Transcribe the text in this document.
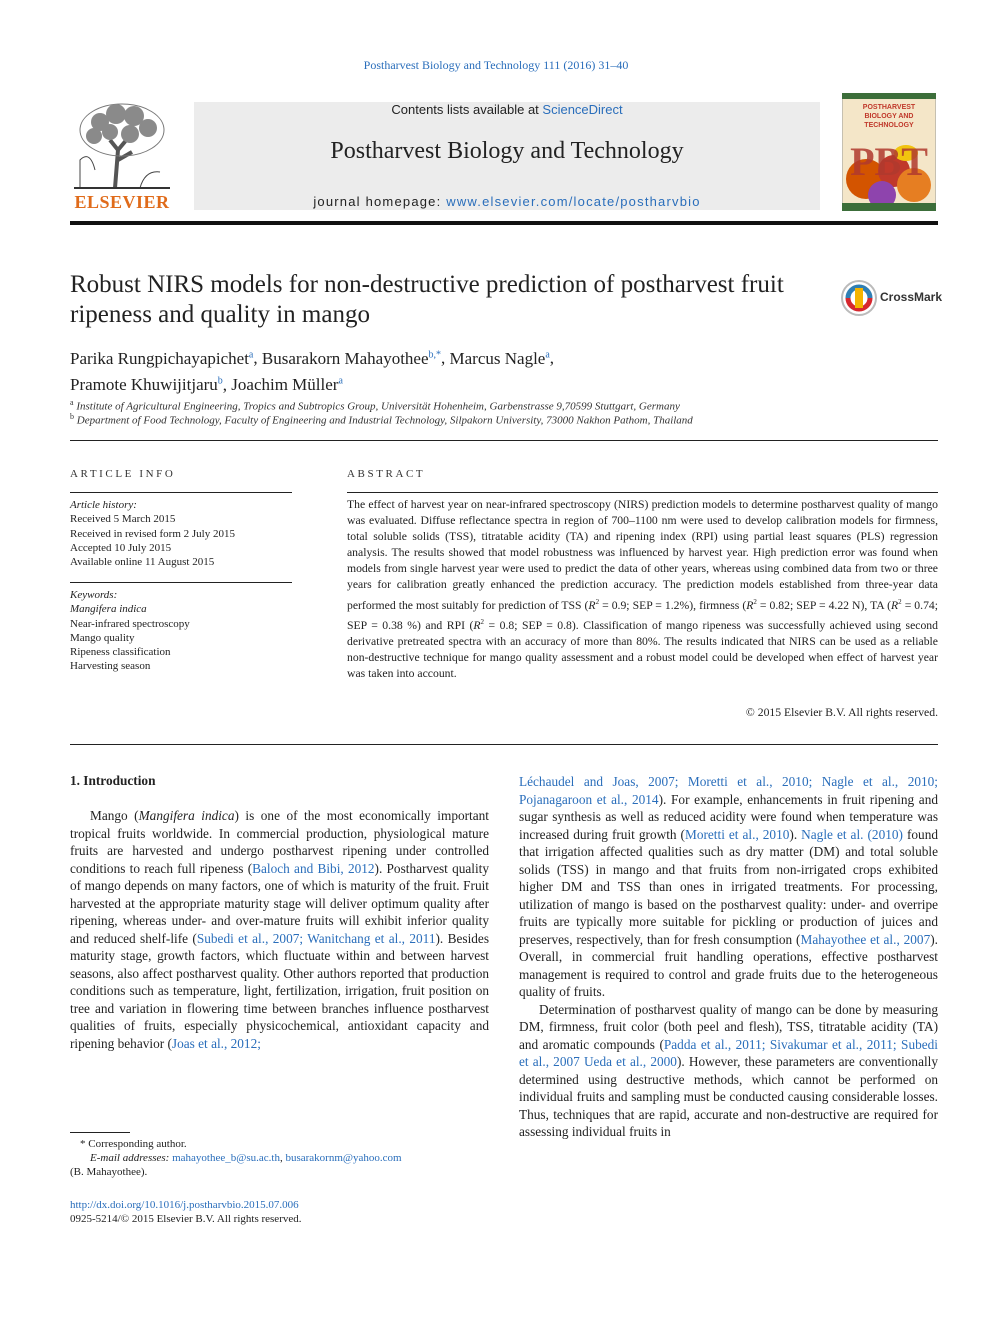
Postharvest Biology and Technology 111 (2016) 31–40
ELSEVIER
Contents lists available at ScienceDirect
Postharvest Biology and Technology
journal homepage: www.elsevier.com/locate/postharvbio
POSTHARVEST
BIOLOGY AND
TECHNOLOGY
PBT
Robust NIRS models for non-destructive prediction of postharvest fruit ripeness and quality in mango
CrossMark
Parika Rungpichayapichet$^a$, Busarakorn Mahayothee$^{b,*}$, Marcus Nagle$^a$,
Pramote Khuwijitjaru$^b$, Joachim Müller$^a$
$^a$ Institute of Agricultural Engineering, Tropics and Subtropics Group, Universität Hohenheim, Garbenstrasse 9,70599 Stuttgart, Germany
$^b$ Department of Food Technology, Faculty of Engineering and Industrial Technology, Silpakorn University, 73000 Nakhon Pathom, Thailand
ARTICLE INFO
Article history:
Received 5 March 2015
Received in revised form 2 July 2015
Accepted 10 July 2015
Available online 11 August 2015
Keywords:
Mangifera indica
Near-infrared spectroscopy
Mango quality
Ripeness classification
Harvesting season
ABSTRACT
The effect of harvest year on near-infrared spectroscopy (NIRS) prediction models to determine postharvest quality of mango was evaluated. Diffuse reflectance spectra in region of 700–1100 nm were used to develop calibration models for firmness, total soluble solids (TSS), titratable acidity (TA) and ripening index (RPI) using partial least squares (PLS) regression analysis. The results showed that model robustness was influenced by harvest year. High prediction error was found when models from single harvest year were used to predict the data of other years, whereas using combined data from two or three years for calibration greatly enhanced the prediction accuracy. The prediction models established from three-year data performed the most suitably for prediction of TSS ($R^2 = 0.9$; SEP = 1.2%), firmness ($R^2 = 0.82$; SEP = 4.22 N), TA ($R^2 = 0.74$; SEP = 0.38 %) and RPI ($R^2 = 0.8$; SEP = 0.8). Classification of mango ripeness was successfully achieved using second derivative pretreated spectra with an accuracy of more than 80%. The results indicated that NIRS can be used as a reliable non-destructive technique for mango quality assessment and a robust model could be developed when effect of harvest year was taken into account.
© 2015 Elsevier B.V. All rights reserved.
1. Introduction

Mango (Mangifera indica) is one of the most economically important tropical fruits worldwide. In commercial production, physiological mature fruits are harvested and undergo postharvest ripening under controlled conditions to reach full ripeness (Baloch and Bibi, 2012). Postharvest quality of mango depends on many factors, one of which is maturity of the fruit. Fruit harvested at the appropriate maturity stage will deliver optimum quality after ripening, whereas under- and over-mature fruits will exhibit inferior quality and reduced shelf-life (Subedi et al., 2007; Wanitchang et al., 2011). Besides maturity stage, growth factors, which fluctuate within and between harvest seasons, also affect postharvest quality. Other authors reported that production conditions such as temperature, light, fertilization, irrigation, fruit position on tree and variation in flowering time between branches influence postharvest qualities of fruits, especially physicochemical, antioxidant capacity and ripening behavior (Joas et al., 2012;

Léchaudel and Joas, 2007; Moretti et al., 2010; Nagle et al., 2010; Pojanagaroon et al., 2014). For example, enhancements in fruit ripening and sugar synthesis as well as reduced acidity were found when temperature was increased during fruit growth (Moretti et al., 2010). Nagle et al. (2010) found that irrigation affected qualities such as dry matter (DM) and total soluble solids (TSS) in mango and that fruits from non-irrigated crops exhibited higher DM and TSS than ones in irrigated treatments. For processing, utilization of mango is based on the postharvest quality: under- and overripe fruits are typically more suitable for pickling or production of juices and preserves, respectively, than for fresh consumption (Mahayothee et al., 2007). Overall, in commercial fruit handling operations, effective postharvest management is required to control and grade fruits due to the heterogeneous quality of fruits.

Determination of postharvest quality of mango can be done by measuring DM, firmness, fruit color (both peel and flesh), TSS, titratable acidity (TA) and aromatic compounds (Padda et al., 2011; Sivakumar et al., 2011; Subedi et al., 2007 Ueda et al., 2000). However, these parameters are conventionally determined using destructive methods, which cannot be performed on individual fruits and sampling must be conducted causing considerable losses. Thus, techniques that are rapid, accurate and non-destructive are required for assessing individual fruits in

* Corresponding author.
E-mail addresses: mahayothee_b@su.ac.th, busarakornm@yahoo.com
(B. Mahayothee).
http://dx.doi.org/10.1016/j.postharvbio.2015.07.006
0925-5214/© 2015 Elsevier B.V. All rights reserved.
